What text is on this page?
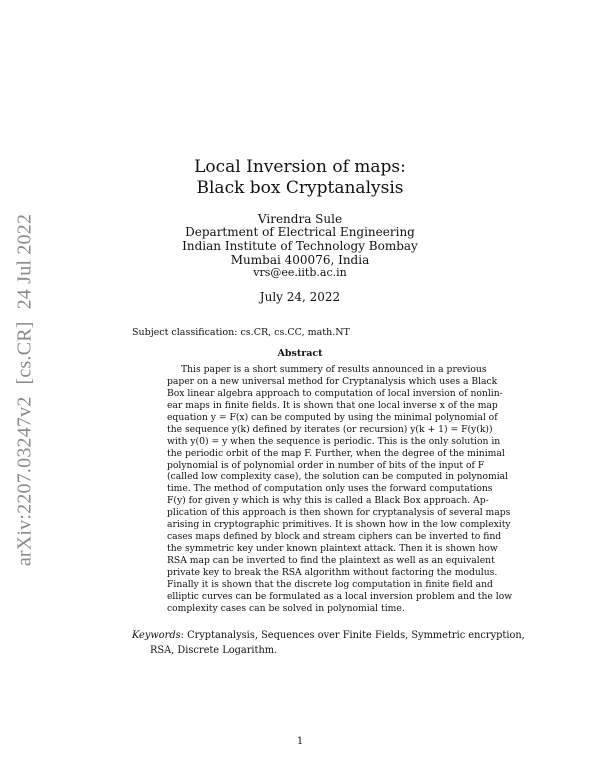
arXiv:2207.03247v2[cs.CR]24 Jul 2022
Local Inversion of maps:
Black box Cryptanalysis
Virendra Sule
Department of Electrical Engineering
Indian Institute of Technology Bombay
Mumbai 400076, India
vrs@ee.iitb.ac.in
July 24, 2022
Subject classification: cs.CR, cs.CC, math.NT
Abstract
This paper is a short summery of results announced in a previous
paper on a new universal method for Cryptanalysis which uses a Black
Box linear algebra approach to computation of local inversion of nonlin-
ear maps in finite fields. It is shown that one local inverse x of the map
equation y = F(x) can be computed by using the minimal polynomial of
the sequence y(k) defined by iterates (or recursion) y(k + 1) = F(y(k))
with y(0) = y when the sequence is periodic. This is the only solution in
the periodic orbit of the map F. Further, when the degree of the minimal
polynomial is of polynomial order in number of bits of the input of F
(called low complexity case), the solution can be computed in polynomial
time. The method of computation only uses the forward computations
F(y) for given y which is why this is called a Black Box approach. Ap-
plication of this approach is then shown for cryptanalysis of several maps
arising in cryptographic primitives. It is shown how in the low complexity
cases maps defined by block and stream ciphers can be inverted to find
the symmetric key under known plaintext attack. Then it is shown how
RSA map can be inverted to find the plaintext as well as an equivalent
private key to break the RSA algorithm without factoring the modulus.
Finally it is shown that the discrete log computation in finite field and
elliptic curves can be formulated as a local inversion problem and the low
complexity cases can be solved in polynomial time.
Keywords: Cryptanalysis, Sequences over Finite Fields, Symmetric encryption,
RSA, Discrete Logarithm.
1
